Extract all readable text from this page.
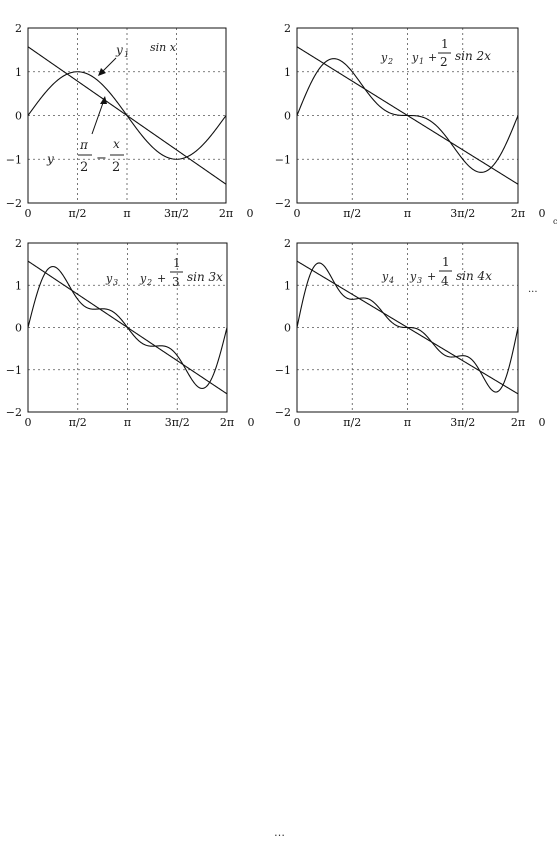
0	π/2	π	3π/2	2π 0
2
1
0
−1
−2
y 1
sin x
y
π
2
−
x
2
0	π/2	π	3π/2	2π 0
2
1
0
−1
−2
y 2 y 1 +
1
2 sin 2x
0	π/2	π	3π/2	2π 0
2
1
0
−1
−2
y 3 y 2 +
1
3 sin 3x
0	π/2	π	3π/2	2π 0
2
1
0
−1
−2
y 4 y 3 +
1
4 sin 4x
...
c
…
